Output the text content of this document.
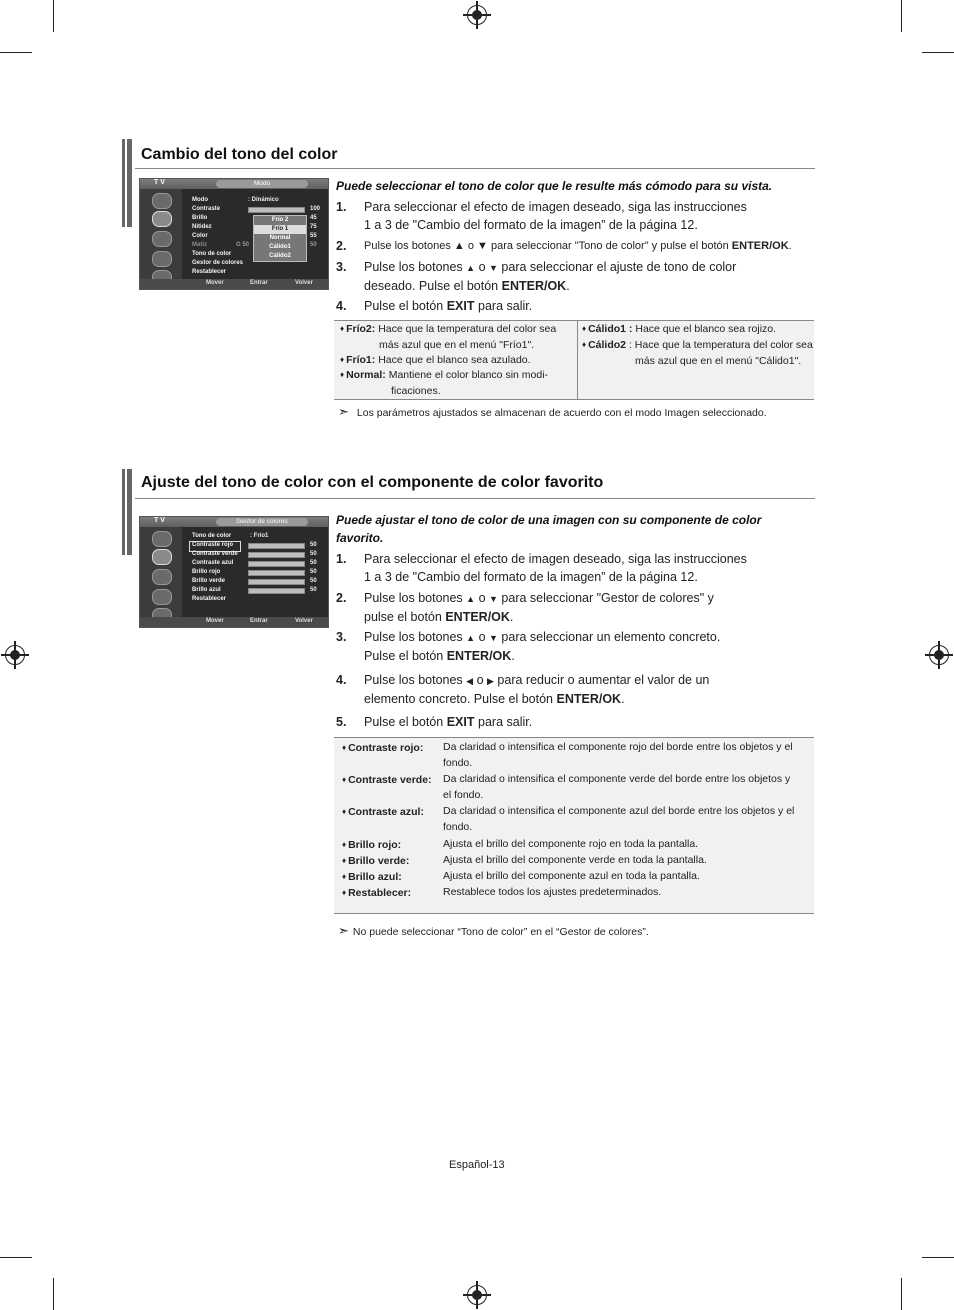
Cambio del tono del color
T V	Modo
Modo	: Dinámico
Contraste	100
Brillo	45
Nitidez	75
Color	55
Matiz	G 50	50
Tono de color
Gestor de colores
Restablecer
Frío 2
Frío 1
Normal
Cálido1
Cálido2
Mover	Entrar	Volver
Puede seleccionar el tono de color que le resulte más cómodo para su vista.
1. Para seleccionar el efecto de imagen deseado, siga las instrucciones
1 a 3 de "Cambio del formato de la imagen” de la página 12.
2. Pulse los botones ▲ o ▼ para seleccionar "Tono de color" y pulse el botón ENTER/OK.
3. Pulse los botones ▲ o ▼ para seleccionar el ajuste de tono de color
deseado. Pulse el botón ENTER/OK.
4. Pulse el botón EXIT para salir.
♦ Frío2: Hace que la temperatura del color sea
más azul que en el menú "Frío1".
♦ Frío1: Hace que el blanco sea azulado.
♦ Normal: Mantiene el color blanco sin modi-
ficaciones.
♦ Cálido1 : Hace que el blanco sea rojizo.
♦ Cálido2 : Hace que la temperatura del color sea
más azul que en el menú "Cálido1".
➣ Los parámetros ajustados se almacenan de acuerdo con el modo Imagen seleccionado.
Ajuste del tono de color con el componente de color favorito
T V	Gestor de colores
Tono de color	: Frío1
Contraste rojo	50
Contraste verde	50
Contraste azul	50
Brillo rojo	50
Brillo verde	50
Brillo azul	50
Restablecer
Mover	Entrar	Volver
Puede ajustar el tono de color de una imagen con su componente de color
favorito.
1. Para seleccionar el efecto de imagen deseado, siga las instrucciones
1 a 3 de "Cambio del formato de la imagen” de la página 12.
2. Pulse los botones ▲ o ▼ para seleccionar "Gestor de colores" y
pulse el botón ENTER/OK.
3. Pulse los botones ▲ o ▼ para seleccionar un elemento concreto.
Pulse el botón ENTER/OK.
4. Pulse los botones ◀ o ▶ para reducir o aumentar el valor de un
elemento concreto. Pulse el botón ENTER/OK.
5. Pulse el botón EXIT para salir.
♦ Contraste rojo: Da claridad o intensifica el componente rojo del borde entre los objetos y el
fondo.
♦ Contraste verde: Da claridad o intensifica el componente verde del borde entre los objetos y
el fondo.
♦ Contraste azul: Da claridad o intensifica el componente azul del borde entre los objetos y el
fondo.
♦ Brillo rojo:	Ajusta el brillo del componente rojo en toda la pantalla.
♦ Brillo verde:	Ajusta el brillo del componente verde en toda la pantalla.
♦ Brillo azul:	Ajusta el brillo del componente azul en toda la pantalla.
♦ Restablecer:	Restablece todos los ajustes predeterminados.
➣ No puede seleccionar “Tono de color” en el “Gestor de colores”.
Español-13
